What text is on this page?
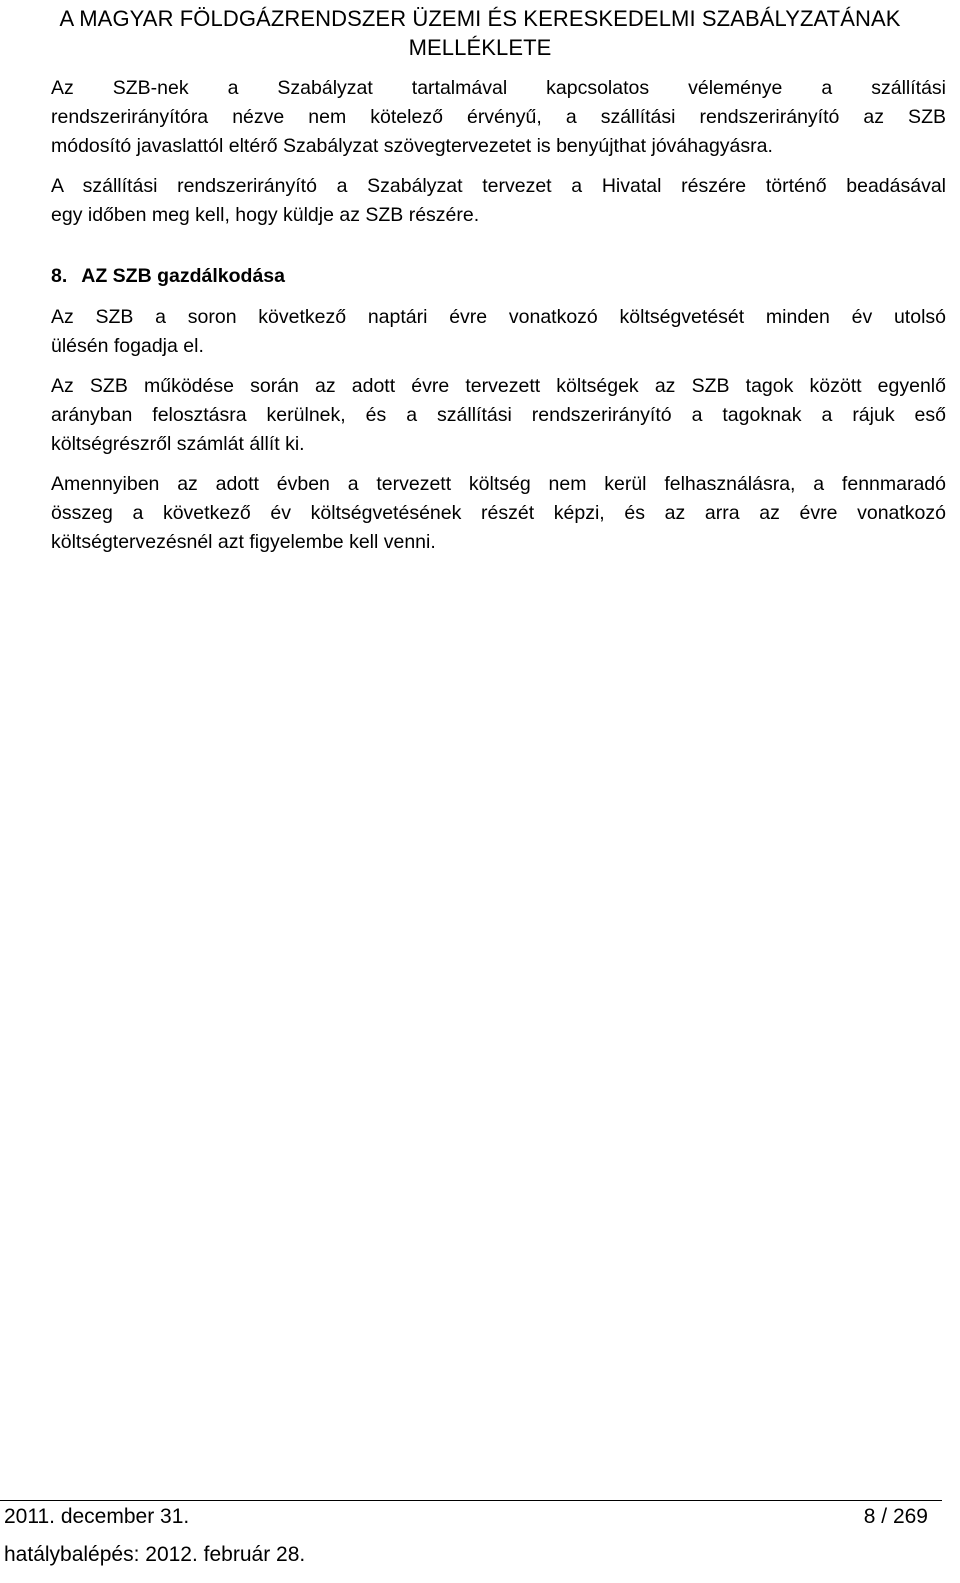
A MAGYAR FÖLDGÁZRENDSZER ÜZEMI ÉS KERESKEDELMI SZABÁLYZATÁNAK
MELLÉKLETE

Az SZB-nek a Szabályzat tartalmával kapcsolatos véleménye a szállítási
rendszerirányítóra nézve nem kötelező érvényű, a szállítási rendszerirányító az SZB
módosító javaslattól eltérő Szabályzat szövegtervezetet is benyújthat jóváhagyásra.

A szállítási rendszerirányító a Szabályzat tervezet a Hivatal részére történő beadásával
egy időben meg kell, hogy küldje az SZB részére.

8. AZ SZB gazdálkodása

Az SZB a soron következő naptári évre vonatkozó költségvetését minden év utolsó
ülésén fogadja el.

Az SZB működése során az adott évre tervezett költségek az SZB tagok között egyenlő
arányban felosztásra kerülnek, és a szállítási rendszerirányító a tagoknak a rájuk eső
költségrészről számlát állít ki.

Amennyiben az adott évben a tervezett költség nem kerül felhasználásra, a fennmaradó
összeg a következő év költségvetésének részét képzi, és az arra az évre vonatkozó
költségtervezésnél azt figyelembe kell venni.

2011. december 31.	8 / 269
hatálybalépés: 2012. február 28.
